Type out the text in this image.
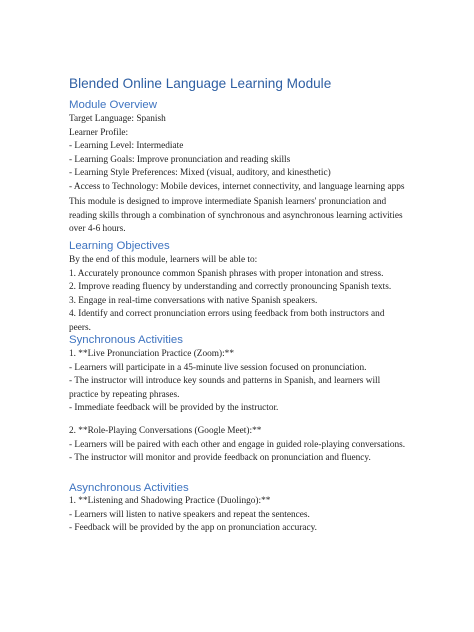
Blended Online Language Learning Module
Module Overview
Target Language: Spanish
Learner Profile:
- Learning Level: Intermediate
- Learning Goals: Improve pronunciation and reading skills
- Learning Style Preferences: Mixed (visual, auditory, and kinesthetic)
- Access to Technology: Mobile devices, internet connectivity, and language learning apps
This module is designed to improve intermediate Spanish learners' pronunciation and
reading skills through a combination of synchronous and asynchronous learning activities
over 4-6 hours.
Learning Objectives
By the end of this module, learners will be able to:
1. Accurately pronounce common Spanish phrases with proper intonation and stress.
2. Improve reading fluency by understanding and correctly pronouncing Spanish texts.
3. Engage in real-time conversations with native Spanish speakers.
4. Identify and correct pronunciation errors using feedback from both instructors and
peers.
Synchronous Activities
1. **Live Pronunciation Practice (Zoom):**
- Learners will participate in a 45-minute live session focused on pronunciation.
- The instructor will introduce key sounds and patterns in Spanish, and learners will
practice by repeating phrases.
- Immediate feedback will be provided by the instructor.
2. **Role-Playing Conversations (Google Meet):**
- Learners will be paired with each other and engage in guided role-playing conversations.
- The instructor will monitor and provide feedback on pronunciation and fluency.
Asynchronous Activities
1. **Listening and Shadowing Practice (Duolingo):**
- Learners will listen to native speakers and repeat the sentences.
- Feedback will be provided by the app on pronunciation accuracy.
